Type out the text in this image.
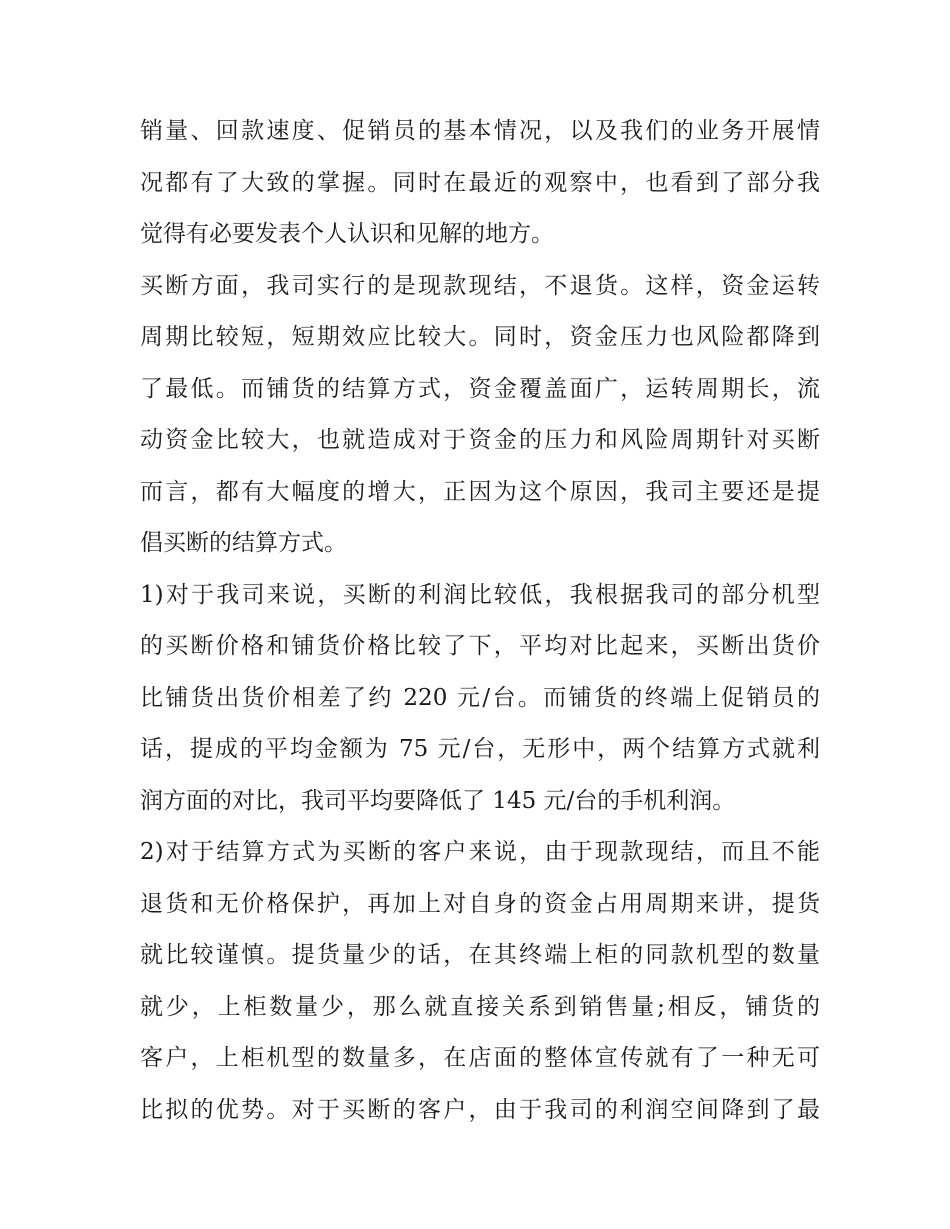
销量、回款速度、促销员的基本情况，以及我们的业务开展情
况都有了大致的掌握。同时在最近的观察中，也看到了部分我
觉得有必要发表个人认识和见解的地方。
买断方面，我司实行的是现款现结，不退货。这样，资金运转
周期比较短，短期效应比较大。同时，资金压力也风险都降到
了最低。而铺货的结算方式，资金覆盖面广，运转周期长，流
动资金比较大，也就造成对于资金的压力和风险周期针对买断
而言，都有大幅度的增大，正因为这个原因，我司主要还是提
倡买断的结算方式。
1)对于我司来说，买断的利润比较低，我根据我司的部分机型
的买断价格和铺货价格比较了下，平均对比起来，买断出货价
比铺货出货价相差了约 220 元/台。而铺货的终端上促销员的
话，提成的平均金额为 75 元/台，无形中，两个结算方式就利
润方面的对比，我司平均要降低了 145 元/台的手机利润。
2)对于结算方式为买断的客户来说，由于现款现结，而且不能
退货和无价格保护，再加上对自身的资金占用周期来讲，提货
就比较谨慎。提货量少的话，在其终端上柜的同款机型的数量
就少，上柜数量少，那么就直接关系到销售量;相反，铺货的
客户，上柜机型的数量多，在店面的整体宣传就有了一种无可
比拟的优势。对于买断的客户，由于我司的利润空间降到了最
